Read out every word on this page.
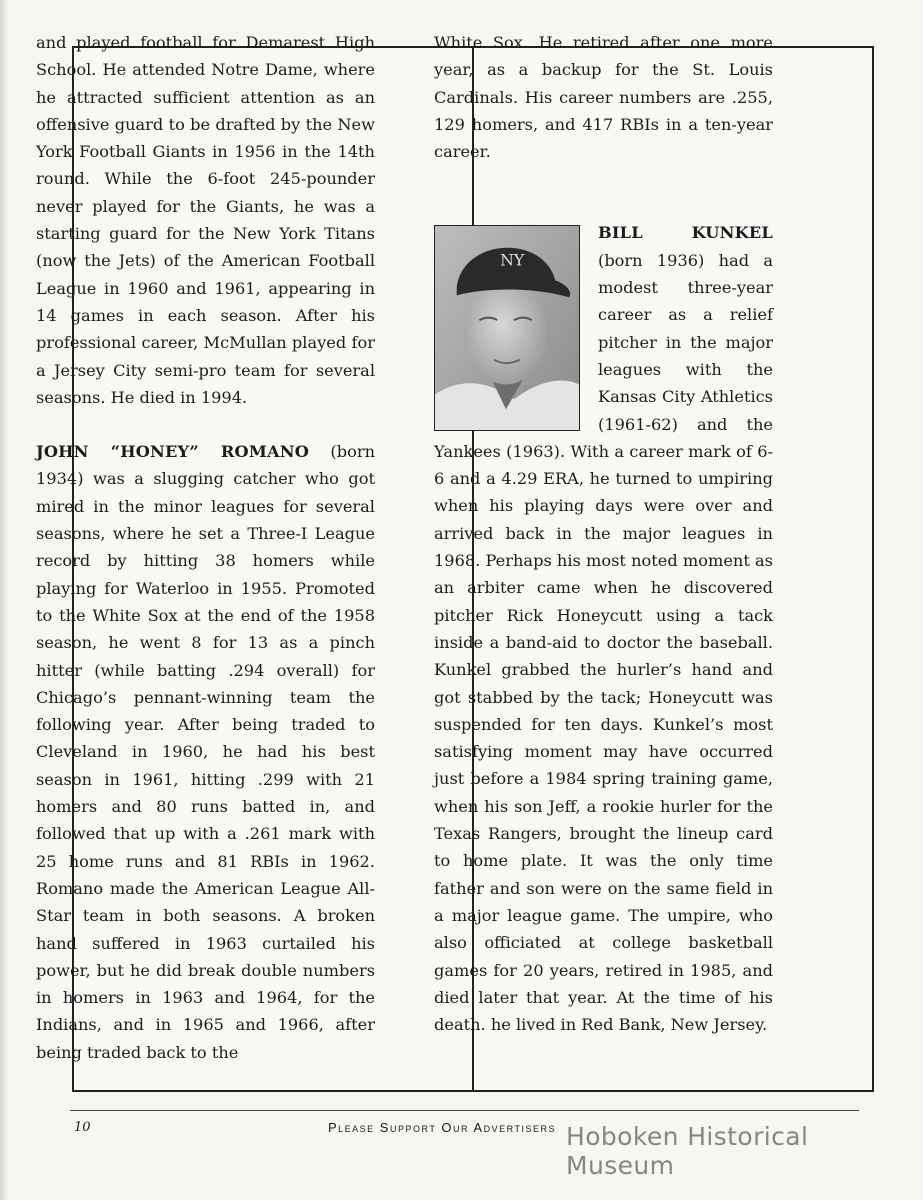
and played football for Demarest High School. He attended Notre Dame, where he attracted sufficient attention as an offensive guard to be drafted by the New York Football Giants in 1956 in the 14th round. While the 6-foot 245-pounder never played for the Giants, he was a starting guard for the New York Titans (now the Jets) of the American Football League in 1960 and 1961, appearing in 14 games in each season. After his professional career, McMullan played for a Jersey City semi-pro team for several seasons. He died in 1994.

JOHN “HONEY” ROMANO (born 1934) was a slugging catcher who got mired in the minor leagues for several seasons, where he set a Three-I League record by hitting 38 homers while playing for Waterloo in 1955. Promoted to the White Sox at the end of the 1958 season, he went 8 for 13 as a pinch hitter (while batting .294 overall) for Chicago’s pennant-winning team the following year. After being traded to Cleveland in 1960, he had his best season in 1961, hitting .299 with 21 homers and 80 runs batted in, and followed that up with a .261 mark with 25 home runs and 81 RBIs in 1962. Romano made the American League All-Star team in both seasons. A broken hand suffered in 1963 curtailed his power, but he did break double numbers in homers in 1963 and 1964, for the Indians, and in 1965 and 1966, after being traded back to the

White Sox. He retired after one more year, as a backup for the St. Louis Cardinals. His career numbers are .255, 129 homers, and 417 RBIs in a ten-year career.

NY
BILL KUNKEL (born 1936) had a modest three-year career as a relief pitcher in the major leagues with the Kansas City Athletics (1961-62) and the Yankees (1963). With a career mark of 6-6 and a 4.29 ERA, he turned to umpiring when his playing days were over and arrived back in the major leagues in 1968. Perhaps his most noted moment as an arbiter came when he discovered pitcher Rick Honeycutt using a tack inside a band-aid to doctor the baseball. Kunkel grabbed the hurler’s hand and got stabbed by the tack; Honeycutt was suspended for ten days. Kunkel’s most satisfying moment may have occurred just before a 1984 spring training game, when his son Jeff, a rookie hurler for the Texas Rangers, brought the lineup card to home plate. It was the only time father and son were on the same field in a major league game. The umpire, who also officiated at college basketball games for 20 years, retired in 1985, and died later that year. At the time of his death. he lived in Red Bank, New Jersey.

10	Please Support Our Advertisers Hoboken Historical Museum
